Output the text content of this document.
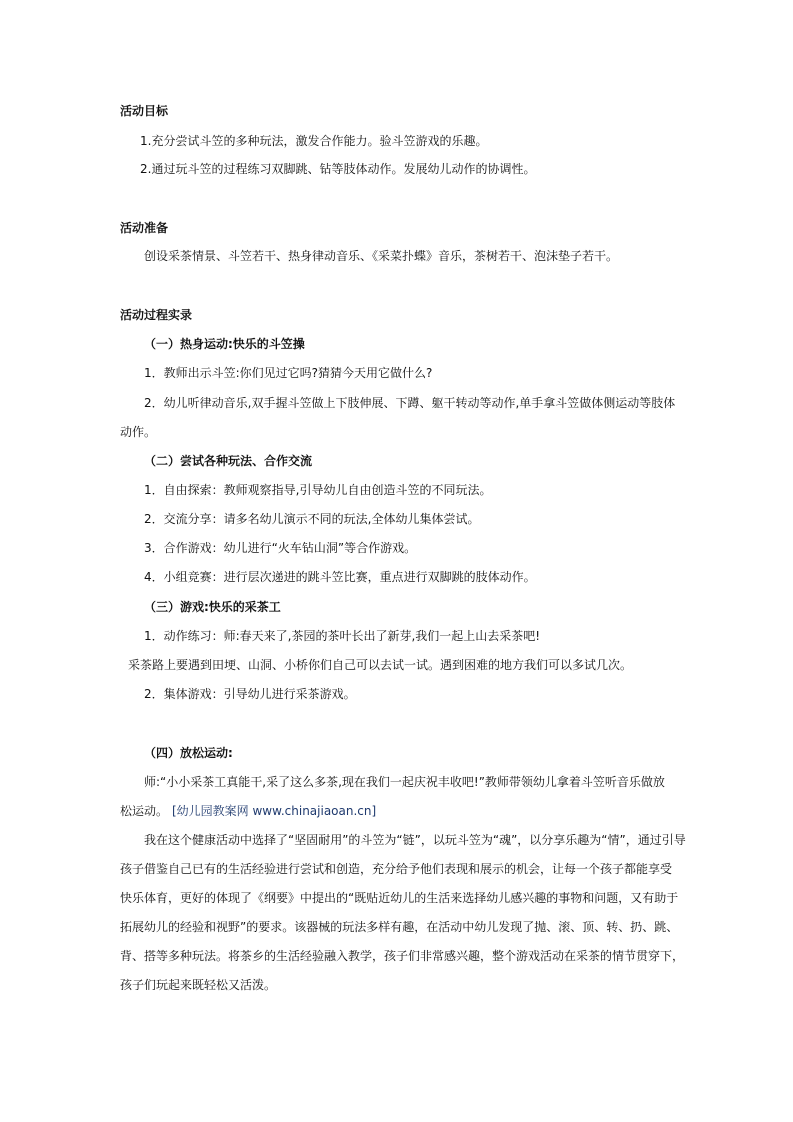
活动目标
1.充分尝试斗笠的多种玩法，激发合作能力。验斗笠游戏的乐趣。
2.通过玩斗笠的过程练习双脚跳、钻等肢体动作。发展幼儿动作的协调性。
活动准备
创设采茶情景、斗笠若干、热身律动音乐、《采菜扑蝶》音乐，茶树若干、泡沫垫子若干。
活动过程实录
（一）热身运动:快乐的斗笠操
1．教师出示斗笠:你们见过它吗?猜猜今天用它做什么?
2．幼儿听律动音乐,双手握斗笠做上下肢伸展、下蹲、躯干转动等动作,单手拿斗笠做体侧运动等肢体
动作。
（二）尝试各种玩法、合作交流
1．自由探索：教师观察指导,引导幼儿自由创造斗笠的不同玩法。
2．交流分享：请多名幼儿演示不同的玩法,全体幼儿集体尝试。
3．合作游戏：幼儿进行“火车钻山洞”等合作游戏。
4．小组竞赛：进行层次递进的跳斗笠比赛，重点进行双脚跳的肢体动作。
（三）游戏:快乐的采茶工
1．动作练习：师:春天来了,茶园的茶叶长出了新芽,我们一起上山去采茶吧!
采茶路上要遇到田埂、山洞、小桥你们自己可以去试一试。遇到困难的地方我们可以多试几次。
2．集体游戏：引导幼儿进行采茶游戏。
（四）放松运动:
师:“小小采茶工真能干,采了这么多茶,现在我们一起庆祝丰收吧!”教师带领幼儿拿着斗笠听音乐做放
松运动。 [幼儿园教案网 www.chinajiaoan.cn]
我在这个健康活动中选择了“坚固耐用”的斗笠为“链”，以玩斗笠为“魂”，以分享乐趣为“情”，通过引导
孩子借鉴自己已有的生活经验进行尝试和创造，充分给予他们表现和展示的机会，让每一个孩子都能享受
快乐体育，更好的体现了《纲要》中提出的“既贴近幼儿的生活来选择幼儿感兴趣的事物和问题，又有助于
拓展幼儿的经验和视野”的要求。该器械的玩法多样有趣，在活动中幼儿发现了抛、滚、顶、转、扔、跳、
背、搭等多种玩法。将茶乡的生活经验融入教学，孩子们非常感兴趣，整个游戏活动在采茶的情节贯穿下，
孩子们玩起来既轻松又活泼。
